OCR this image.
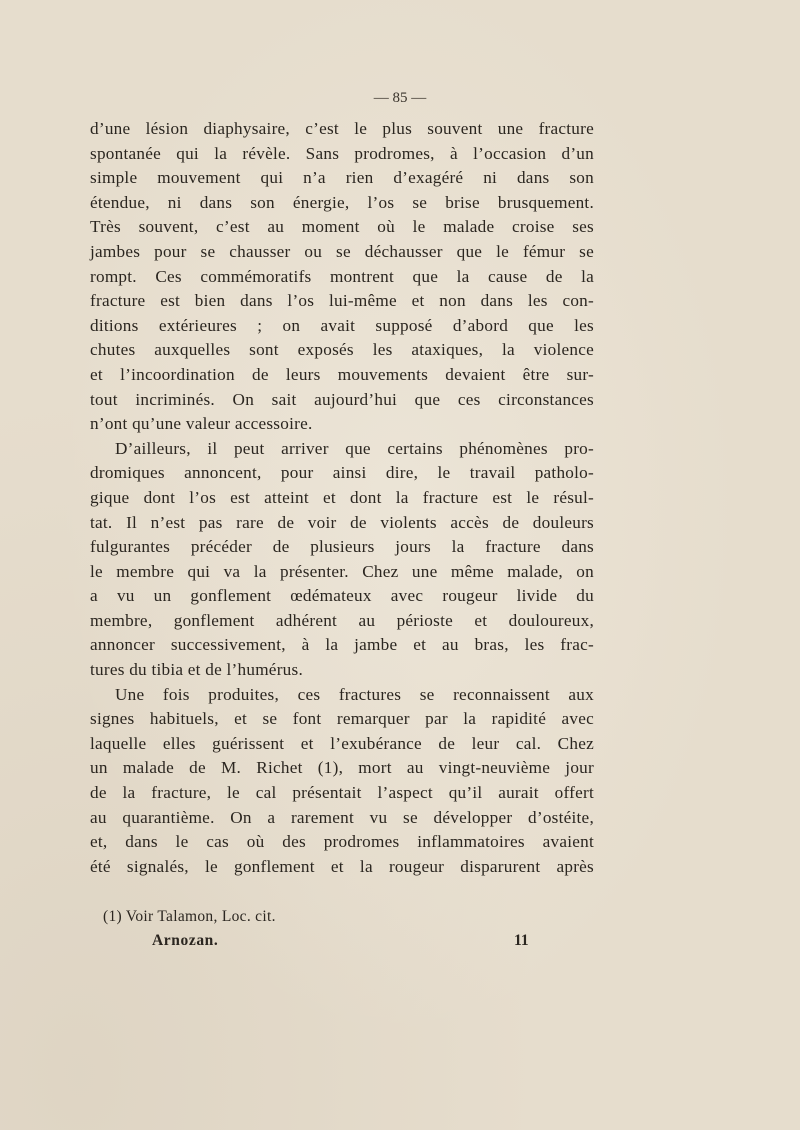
— 85 —
d’une lésion diaphysaire, c’est le plus souvent une fracture
spontanée qui la révèle. Sans prodromes, à l’occasion d’un
simple mouvement qui n’a rien d’exagéré ni dans son
étendue, ni dans son énergie, l’os se brise brusquement.
Très souvent, c’est au moment où le malade croise ses
jambes pour se chausser ou se déchausser que le fémur se
rompt. Ces commémoratifs montrent que la cause de la
fracture est bien dans l’os lui-même et non dans les con-
ditions extérieures ; on avait supposé d’abord que les
chutes auxquelles sont exposés les ataxiques, la violence
et l’incoordination de leurs mouvements devaient être sur-
tout incriminés. On sait aujourd’hui que ces circonstances
n’ont qu’une valeur accessoire.
D’ailleurs, il peut arriver que certains phénomènes pro-
dromiques annoncent, pour ainsi dire, le travail patholo-
gique dont l’os est atteint et dont la fracture est le résul-
tat. Il n’est pas rare de voir de violents accès de douleurs
fulgurantes précéder de plusieurs jours la fracture dans
le membre qui va la présenter. Chez une même malade, on
a vu un gonflement œdémateux avec rougeur livide du
membre, gonflement adhérent au périoste et douloureux,
annoncer successivement, à la jambe et au bras, les frac-
tures du tibia et de l’humérus.
Une fois produites, ces fractures se reconnaissent aux
signes habituels, et se font remarquer par la rapidité avec
laquelle elles guérissent et l’exubérance de leur cal. Chez
un malade de M. Richet (1), mort au vingt-neuvième jour
de la fracture, le cal présentait l’aspect qu’il aurait offert
au quarantième. On a rarement vu se développer d’ostéite,
et, dans le cas où des prodromes inflammatoires avaient
été signalés, le gonflement et la rougeur disparurent après
(1) Voir Talamon, Loc. cit.
Arnozan.	11
